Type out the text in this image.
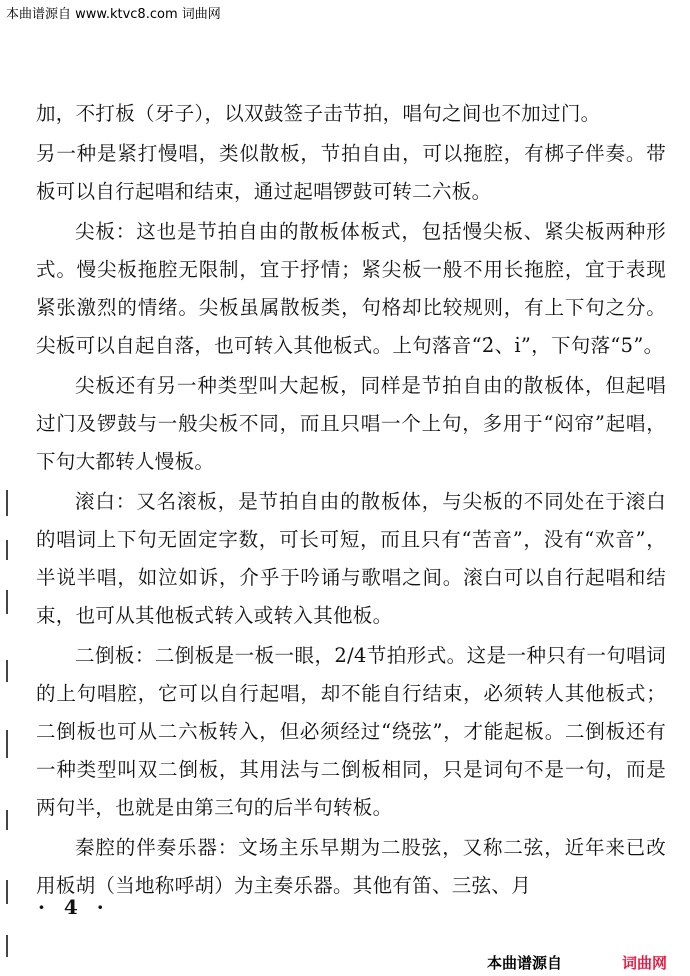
本曲谱源自 www.ktvc8.com 词曲网

加，不打板（牙子），以双鼓签子击节拍，唱句之间也不加过门。

另一种是紧打慢唱，类似散板，节拍自由，可以拖腔，有梆子伴奏。带板可以自行起唱和结束，通过起唱锣鼓可转二六板。

尖板：这也是节拍自由的散板体板式，包括慢尖板、紧尖板两种形式。慢尖板拖腔无限制，宜于抒情；紧尖板一般不用长拖腔，宜于表现紧张激烈的情绪。尖板虽属散板类，句格却比较规则，有上下句之分。尖板可以自起自落，也可转入其他板式。上句落音“2̇、i̇”，下句落“5”。

尖板还有另一种类型叫大起板，同样是节拍自由的散板体，但起唱过门及锣鼓与一般尖板不同，而且只唱一个上句，多用于“闷帘”起唱，下句大都转人慢板。

滚白：又名滚板，是节拍自由的散板体，与尖板的不同处在于滚白的唱词上下句无固定字数，可长可短，而且只有“苦音”，没有“欢音”，半说半唱，如泣如诉，介乎于吟诵与歌唱之间。滚白可以自行起唱和结束，也可从其他板式转入或转入其他板。

二倒板：二倒板是一板一眼，2/4节拍形式。这是一种只有一句唱词的上句唱腔，它可以自行起唱，却不能自行结束，必须转人其他板式；二倒板也可从二六板转入，但必须经过“绕弦”，才能起板。二倒板还有一种类型叫双二倒板，其用法与二倒板相同，只是词句不是一句，而是两句半，也就是由第三句的后半句转板。

秦腔的伴奏乐器：文场主乐早期为二股弦，又称二弦，近年来已改用板胡（当地称呼胡）为主奏乐器。其他有笛、三弦、月

· 4 ·
本曲谱源自	词曲网
